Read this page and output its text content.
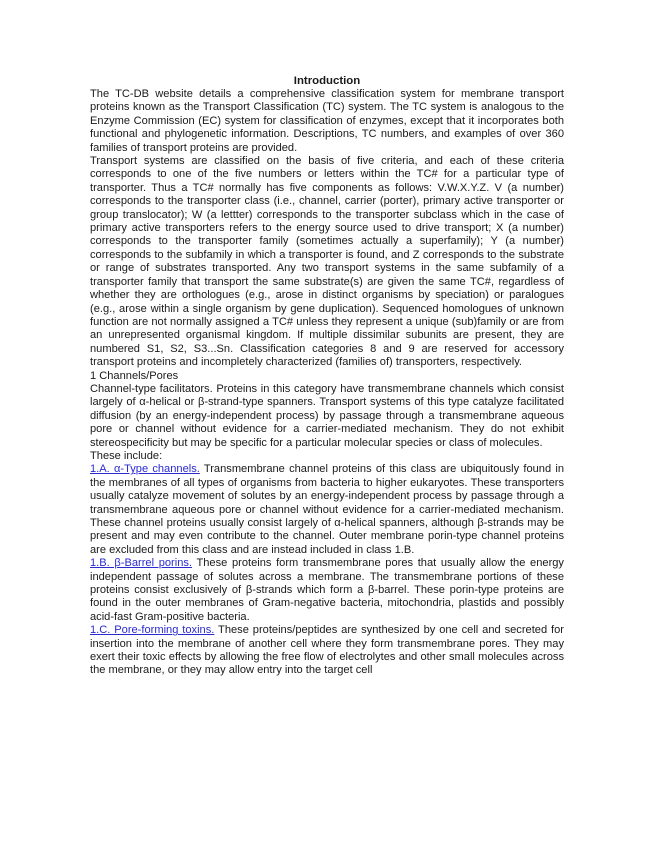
Introduction

The TC-DB website details a comprehensive classification system for membrane transport proteins known as the Transport Classification (TC) system. The TC system is analogous to the Enzyme Commission (EC) system for classification of enzymes, except that it incorporates both functional and phylogenetic information. Descriptions, TC numbers, and examples of over 360 families of transport proteins are provided.

Transport systems are classified on the basis of five criteria, and each of these criteria corresponds to one of the five numbers or letters within the TC# for a particular type of transporter. Thus a TC# normally has five components as follows: V.W.X.Y.Z. V (a number) corresponds to the transporter class (i.e., channel, carrier (porter), primary active transporter or group translocator); W (a lettter) corresponds to the transporter subclass which in the case of primary active transporters refers to the energy source used to drive transport; X (a number) corresponds to the transporter family (sometimes actually a superfamily); Y (a number) corresponds to the subfamily in which a transporter is found, and Z corresponds to the substrate or range of substrates transported. Any two transport systems in the same subfamily of a transporter family that transport the same substrate(s) are given the same TC#, regardless of whether they are orthologues (e.g., arose in distinct organisms by speciation) or paralogues (e.g., arose within a single organism by gene duplication). Sequenced homologues of unknown function are not normally assigned a TC# unless they represent a unique (sub)family or are from an unrepresented organismal kingdom. If multiple dissimilar subunits are present, they are numbered S1, S2, S3...Sn. Classification categories 8 and 9 are reserved for accessory transport proteins and incompletely characterized (families of) transporters, respectively.

1 Channels/Pores

Channel-type facilitators. Proteins in this category have transmembrane channels which consist largely of α-helical or β-strand-type spanners. Transport systems of this type catalyze facilitated diffusion (by an energy-independent process) by passage through a transmembrane aqueous pore or channel without evidence for a carrier-mediated mechanism. They do not exhibit stereospecificity but may be specific for a particular molecular species or class of molecules.

These include:

1.A. α-Type channels. Transmembrane channel proteins of this class are ubiquitously found in the membranes of all types of organisms from bacteria to higher eukaryotes. These transporters usually catalyze movement of solutes by an energy-independent process by passage through a transmembrane aqueous pore or channel without evidence for a carrier-mediated mechanism. These channel proteins usually consist largely of α-helical spanners, although β-strands may be present and may even contribute to the channel. Outer membrane porin-type channel proteins are excluded from this class and are instead included in class 1.B.

1.B. β-Barrel porins. These proteins form transmembrane pores that usually allow the energy independent passage of solutes across a membrane. The transmembrane portions of these proteins consist exclusively of β-strands which form a β-barrel. These porin-type proteins are found in the outer membranes of Gram-negative bacteria, mitochondria, plastids and possibly acid-fast Gram-positive bacteria.

1.C. Pore-forming toxins. These proteins/peptides are synthesized by one cell and secreted for insertion into the membrane of another cell where they form transmembrane pores. They may exert their toxic effects by allowing the free flow of electrolytes and other small molecules across the membrane, or they may allow entry into the target cell
